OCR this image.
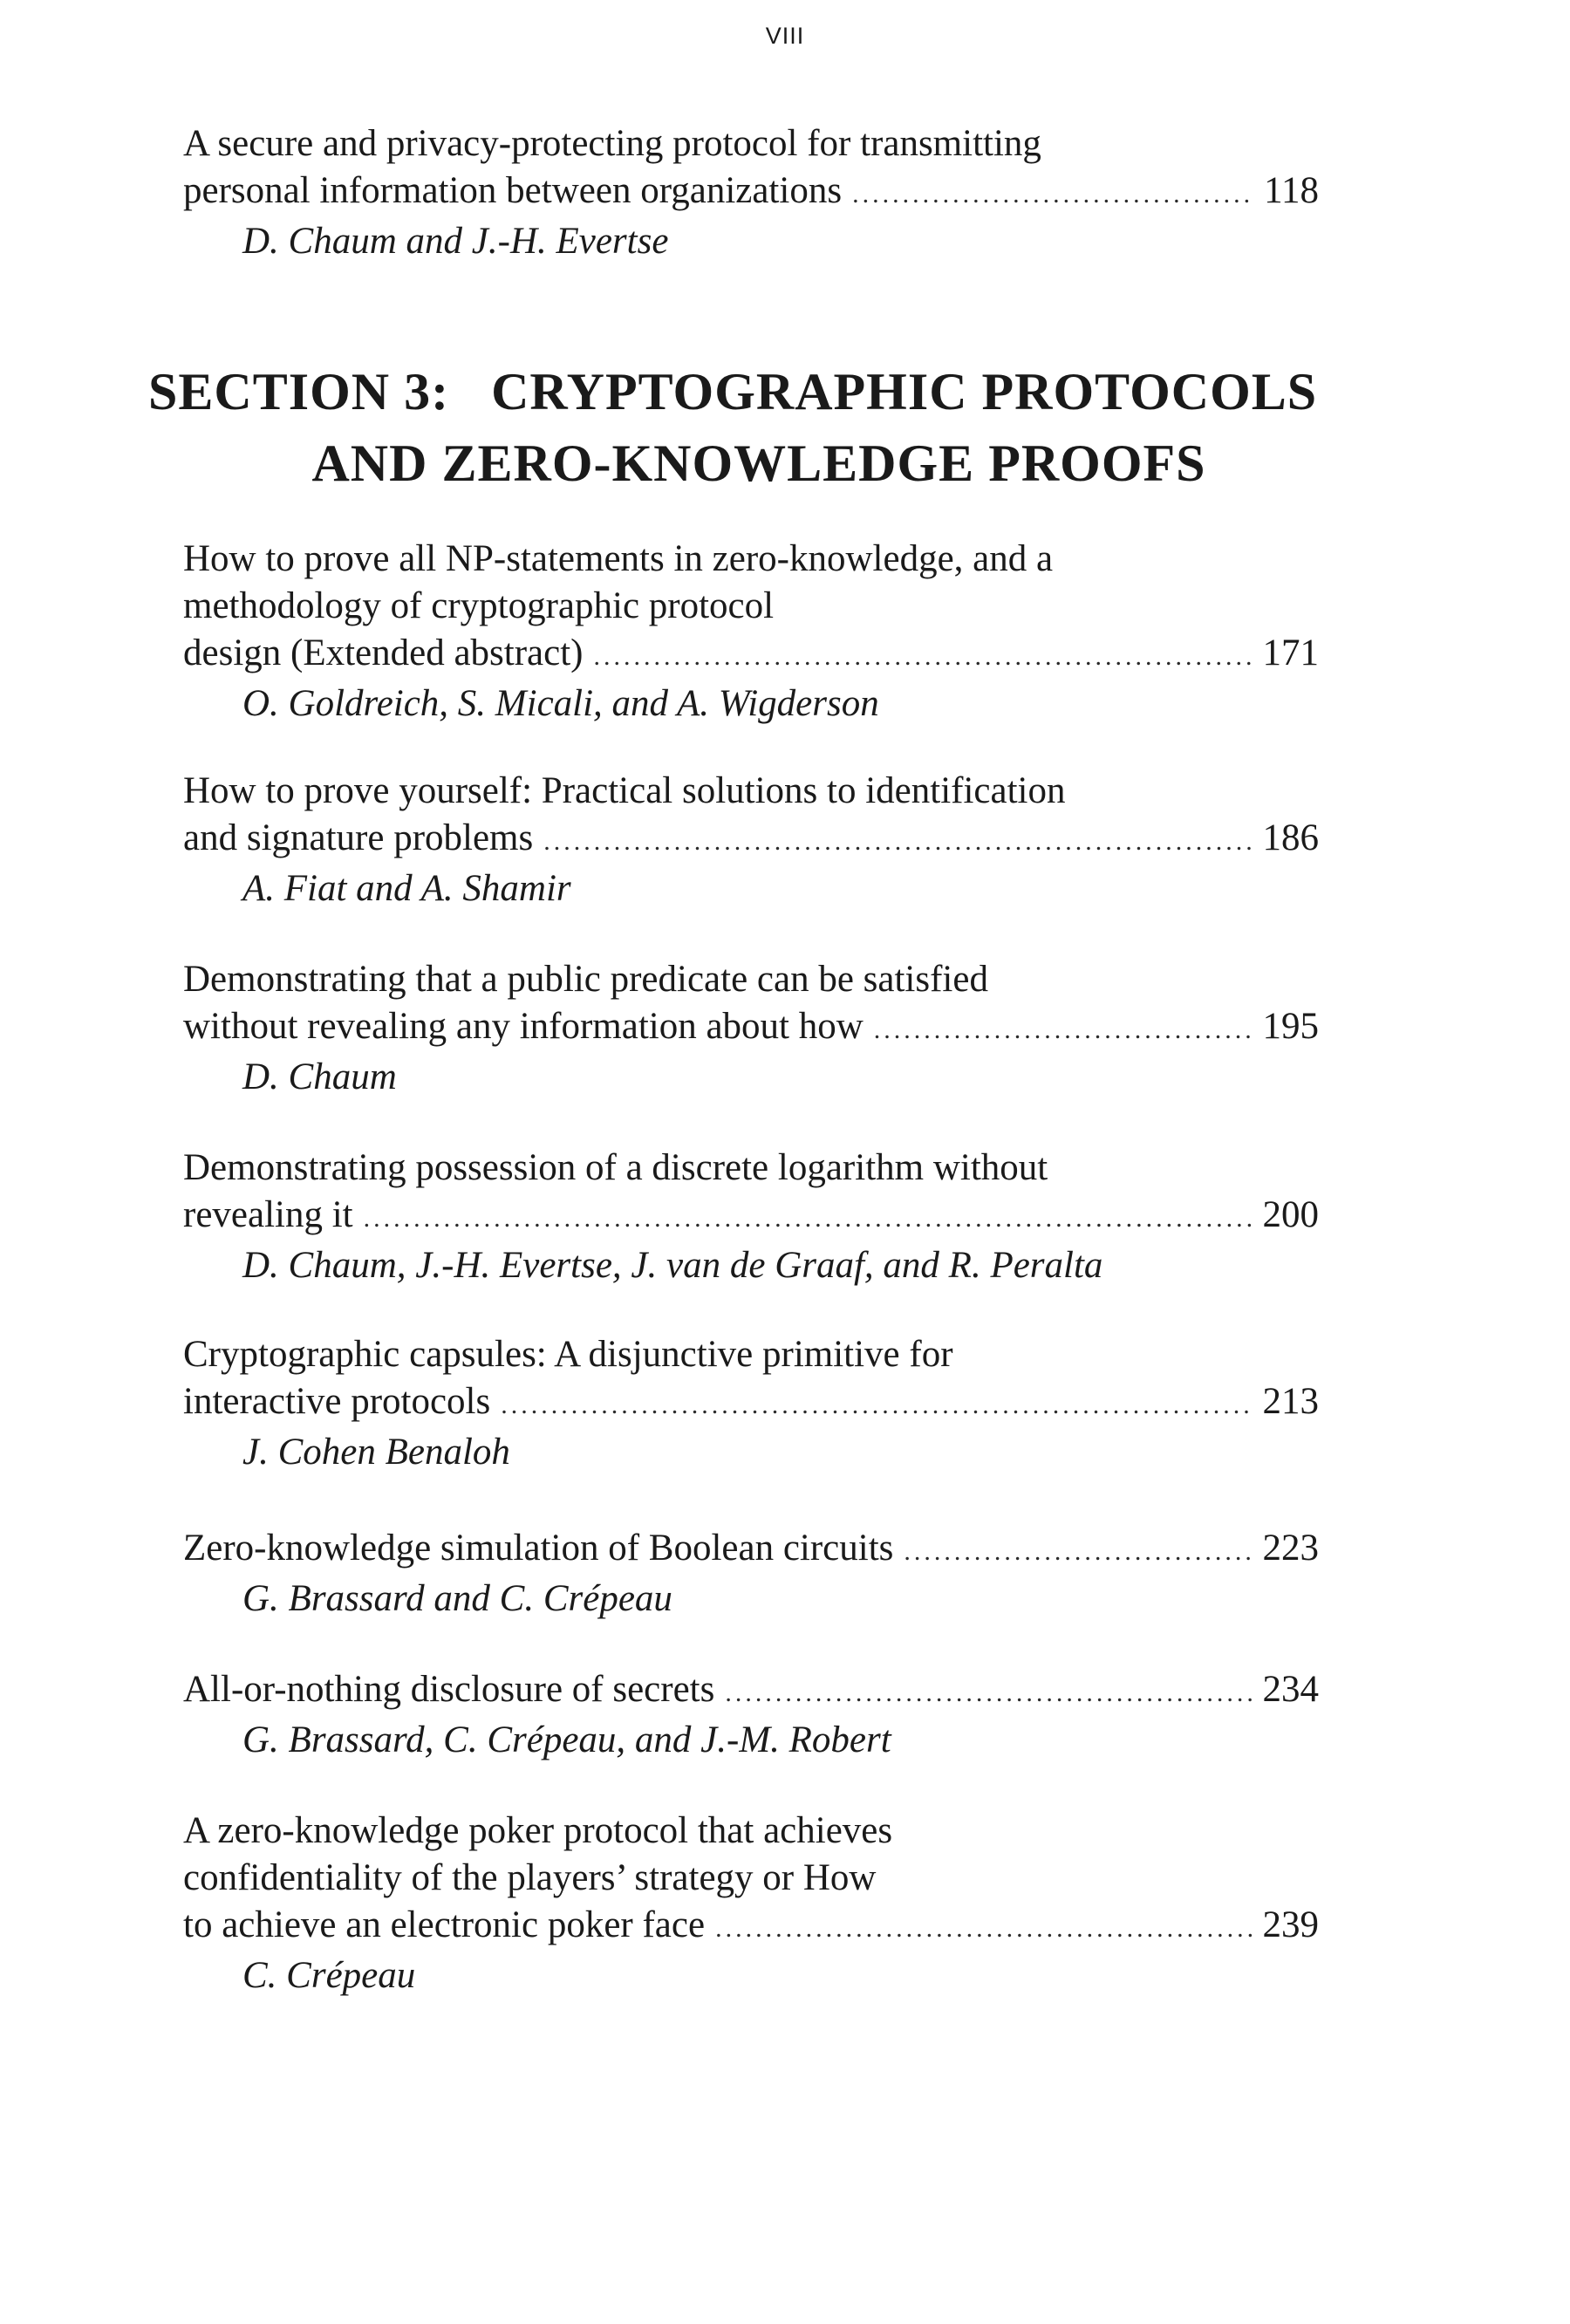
VIII
A secure and privacy-protecting protocol for transmitting
personal information between organizations .....	118
D. Chaum and J.-H. Evertse
SECTION 3:   CRYPTOGRAPHIC PROTOCOLS
AND ZERO-KNOWLEDGE PROOFS
How to prove all NP-statements in zero-knowledge, and a
methodology of cryptographic protocol
design (Extended abstract) .....	171
O. Goldreich, S. Micali, and A. Wigderson
How to prove yourself: Practical solutions to identification
and signature problems .....	186
A. Fiat and A. Shamir
Demonstrating that a public predicate can be satisfied
without revealing any information about how .....	195
D. Chaum
Demonstrating possession of a discrete logarithm without
revealing it .....	200
D. Chaum, J.-H. Evertse, J. van de Graaf, and R. Peralta
Cryptographic capsules: A disjunctive primitive for
interactive protocols .....	213
J. Cohen Benaloh
Zero-knowledge simulation of Boolean circuits .....	223
G. Brassard and C. Crépeau
All-or-nothing disclosure of secrets .....	234
G. Brassard, C. Crépeau, and J.-M. Robert
A zero-knowledge poker protocol that achieves
confidentiality of the players’ strategy or How
to achieve an electronic poker face .....	239
C. Crépeau
